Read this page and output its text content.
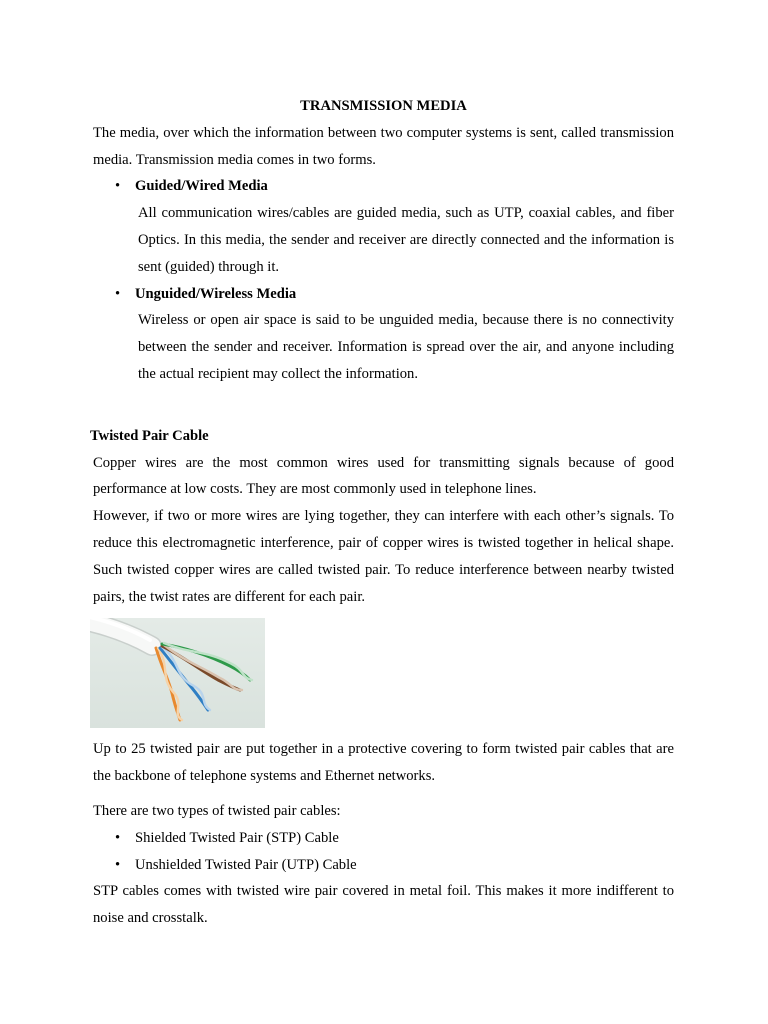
TRANSMISSION MEDIA

The media, over which the information between two computer systems is sent, called transmission media. Transmission media comes in two forms.

• Guided/Wired Media

All communication wires/cables are guided media, such as UTP, coaxial cables, and fiber Optics. In this media, the sender and receiver are directly connected and the information is sent (guided) through it.

• Unguided/Wireless Media

Wireless or open air space is said to be unguided media, because there is no connectivity between the sender and receiver. Information is spread over the air, and anyone including the actual recipient may collect the information.

Twisted Pair Cable

Copper wires are the most common wires used for transmitting signals because of good performance at low costs. They are most commonly used in telephone lines.

However, if two or more wires are lying together, they can interfere with each other’s signals. To reduce this electromagnetic interference, pair of copper wires is twisted together in helical shape. Such twisted copper wires are called twisted pair. To reduce interference between nearby twisted pairs, the twist rates are different for each pair.

Up to 25 twisted pair are put together in a protective covering to form twisted pair cables that are the backbone of telephone systems and Ethernet networks.

There are two types of twisted pair cables:

• Shielded Twisted Pair (STP) Cable
• Unshielded Twisted Pair (UTP) Cable

STP cables comes with twisted wire pair covered in metal foil. This makes it more indifferent to noise and crosstalk.
